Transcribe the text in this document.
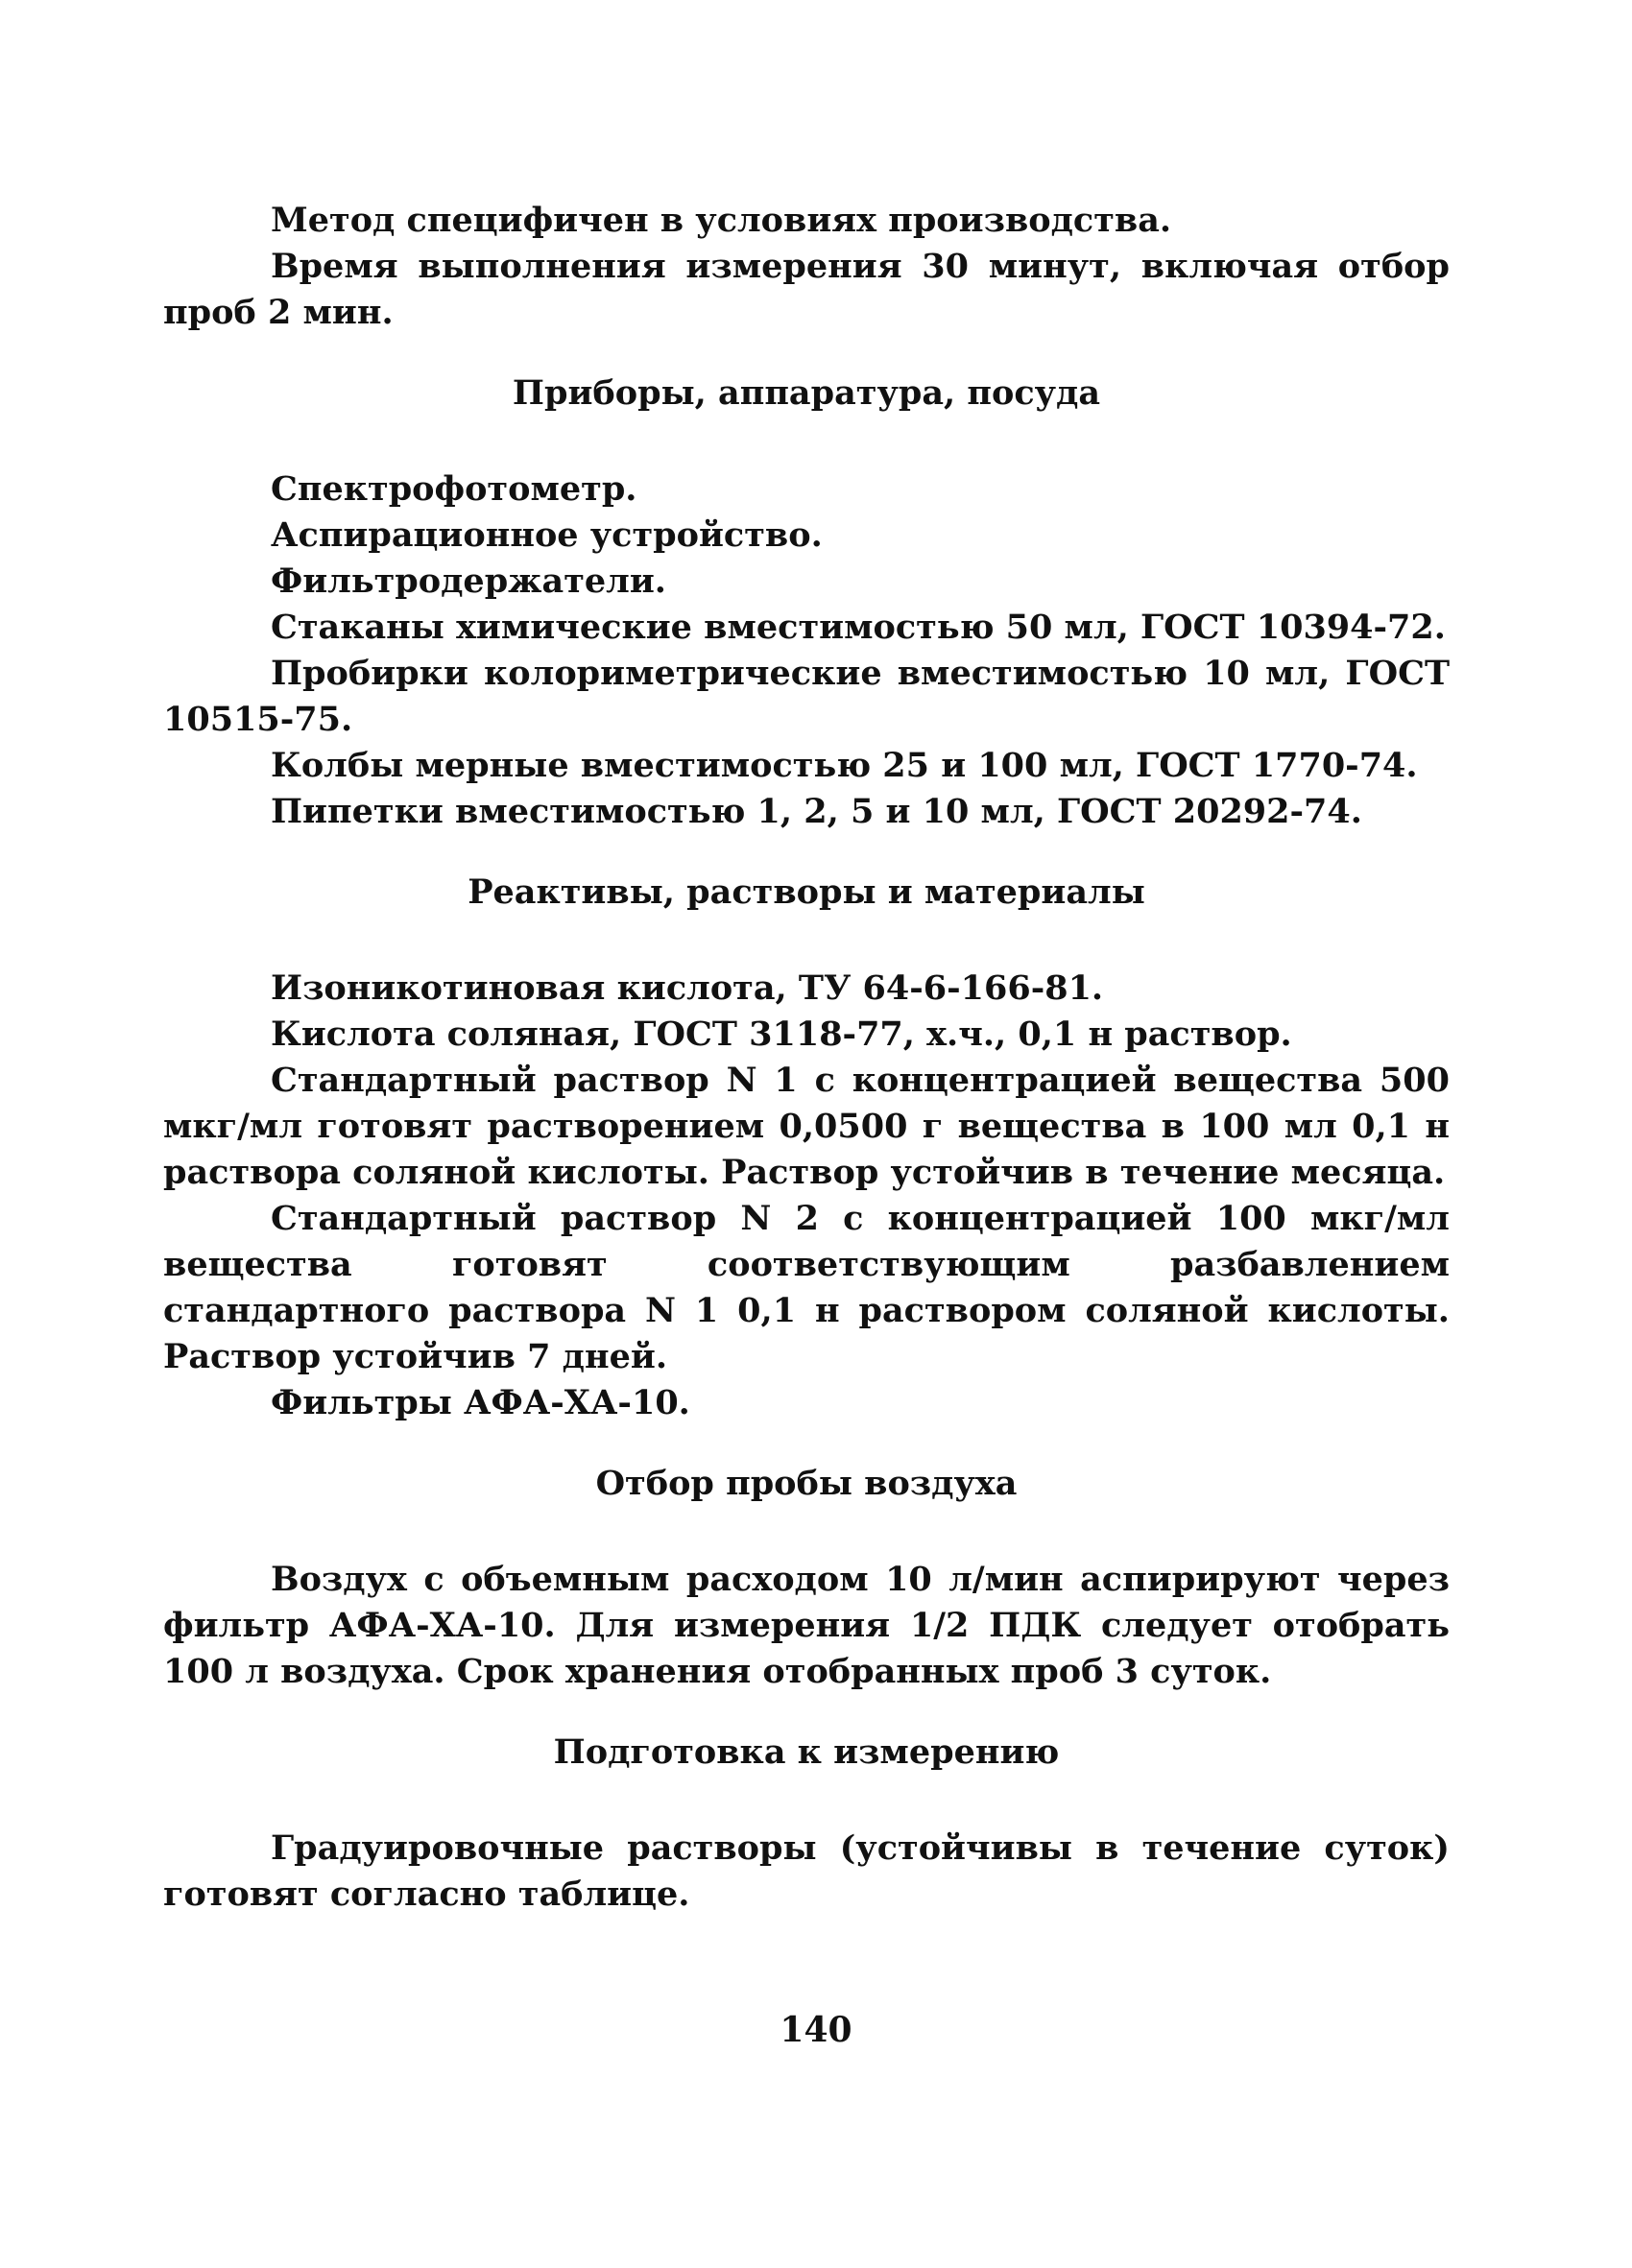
Метод специфичен в условиях производства.

Время выполнения измерения 30 минут, включая отбор проб 2 мин.

Приборы, аппаратура, посуда

Спектрофотометр.

Аспирационное устройство.

Фильтродержатели.

Стаканы химические вместимостью 50 мл, ГОСТ 10394-72.

Пробирки колориметрические вместимостью 10 мл, ГОСТ 10515-75.

Колбы мерные вместимостью 25 и 100 мл, ГОСТ 1770-74.

Пипетки вместимостью 1, 2, 5 и 10 мл, ГОСТ 20292-74.

Реактивы, растворы и материалы

Изоникотиновая кислота, ТУ 64-6-166-81.

Кислота соляная, ГОСТ 3118-77, х.ч., 0,1 н раствор.

Стандартный раствор N 1 с концентрацией вещества 500 мкг/мл готовят растворением 0,0500 г вещества в 100 мл 0,1 н раствора соляной кислоты. Раствор устойчив в течение месяца.

Стандартный раствор N 2 с концентрацией 100 мкг/мл вещества готовят соответствующим разбавлением стандартного раствора N 1 0,1 н раствором соляной кислоты. Раствор устойчив 7 дней.

Фильтры АФА-ХА-10.

Отбор пробы воздуха

Воздух с объемным расходом 10 л/мин аспирируют через фильтр АФА-ХА-10. Для измерения 1/2 ПДК следует отобрать 100 л воздуха. Срок хранения отобранных проб 3 суток.

Подготовка к измерению

Градуировочные растворы (устойчивы в течение суток) готовят согласно таблице.

140
